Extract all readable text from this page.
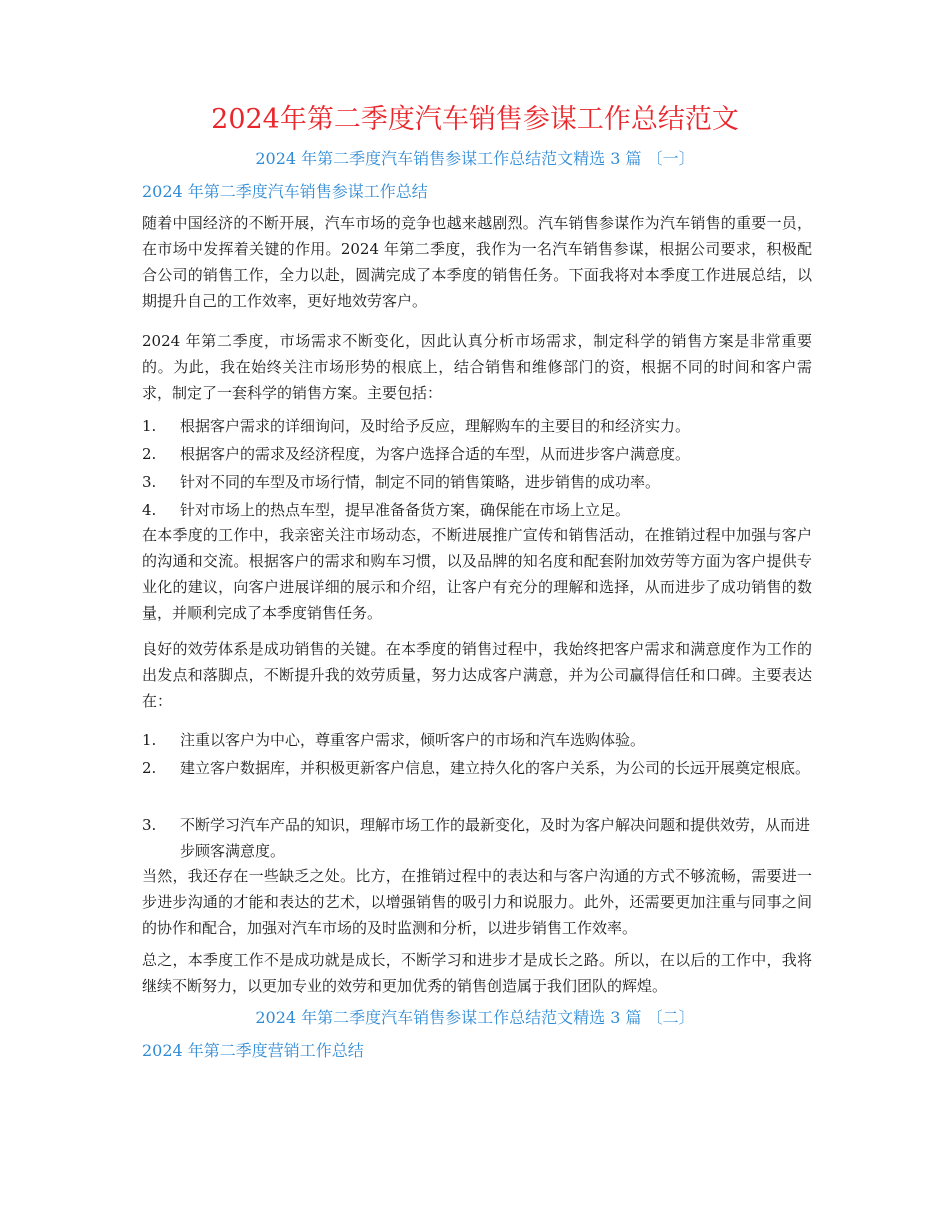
2024年第二季度汽车销售参谋工作总结范文
2024 年第二季度汽车销售参谋工作总结范文精选 3 篇 〔一〕
2024 年第二季度汽车销售参谋工作总结

随着中国经济的不断开展，汽车市场的竞争也越来越剧烈。汽车销售参谋作为汽车销售的重要一员，在市场中发挥着关键的作用。2024 年第二季度，我作为一名汽车销售参谋，根据公司要求，积极配合公司的销售工作，全力以赴，圆满完成了本季度的销售任务。下面我将对本季度工作进展总结，以期提升自己的工作效率，更好地效劳客户。

2024 年第二季度，市场需求不断变化，因此认真分析市场需求，制定科学的销售方案是非常重要的。为此，我在始终关注市场形势的根底上，结合销售和维修部门的资，根据不同的时间和客户需求，制定了一套科学的销售方案。主要包括：

1.	根据客户需求的详细询问，及时给予反应，理解购车的主要目的和经济实力。
2.	根据客户的需求及经济程度，为客户选择合适的车型，从而进步客户满意度。
3.	针对不同的车型及市场行情，制定不同的销售策略，进步销售的成功率。
4.	针对市场上的热点车型，提早准备备货方案，确保能在市场上立足。

在本季度的工作中，我亲密关注市场动态，不断进展推广宣传和销售活动，在推销过程中加强与客户的沟通和交流。根据客户的需求和购车习惯，以及品牌的知名度和配套附加效劳等方面为客户提供专业化的建议，向客户进展详细的展示和介绍，让客户有充分的理解和选择，从而进步了成功销售的数量，并顺利完成了本季度销售任务。

良好的效劳体系是成功销售的关键。在本季度的销售过程中，我始终把客户需求和满意度作为工作的出发点和落脚点，不断提升我的效劳质量，努力达成客户满意，并为公司赢得信任和口碑。主要表达在：

1.	注重以客户为中心，尊重客户需求，倾听客户的市场和汽车选购体验。
2.	建立客户数据库，并积极更新客户信息，建立持久化的客户关系，为公司的长远开展奠定根底。
3.	不断学习汽车产品的知识，理解市场工作的最新变化，及时为客户解决问题和提供效劳，从而进步顾客满意度。

当然，我还存在一些缺乏之处。比方，在推销过程中的表达和与客户沟通的方式不够流畅，需要进一步进步沟通的才能和表达的艺术，以增强销售的吸引力和说服力。此外，还需要更加注重与同事之间的协作和配合，加强对汽车市场的及时监测和分析，以进步销售工作效率。

总之，本季度工作不是成功就是成长，不断学习和进步才是成长之路。所以，在以后的工作中，我将继续不断努力，以更加专业的效劳和更加优秀的销售创造属于我们团队的辉煌。

2024 年第二季度汽车销售参谋工作总结范文精选 3 篇 〔二〕
2024 年第二季度营销工作总结
